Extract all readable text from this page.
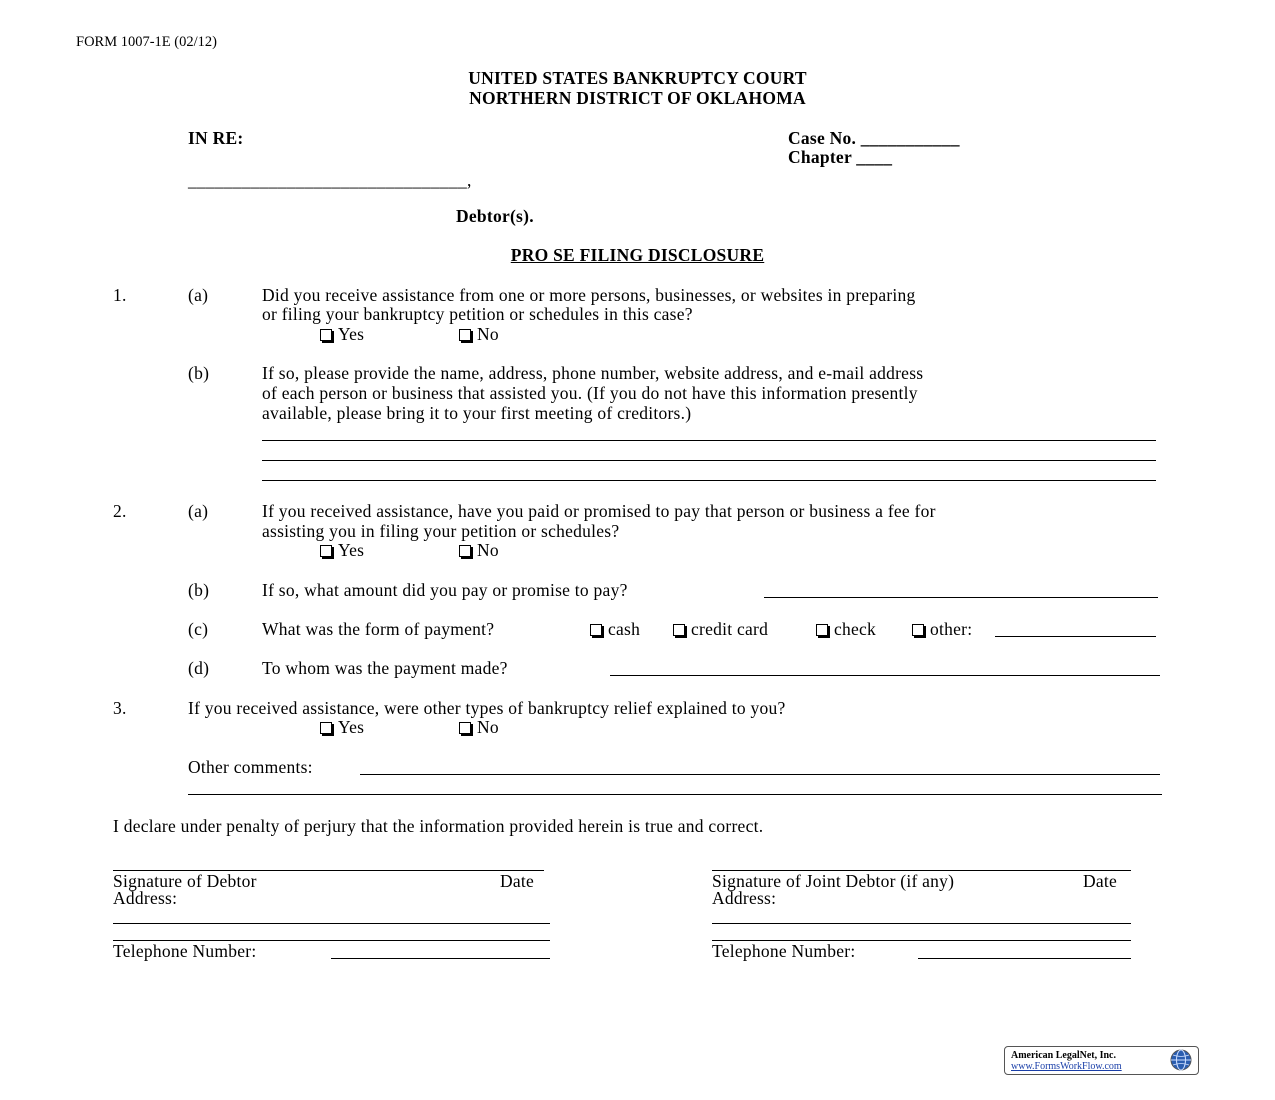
FORM 1007-1E (02/12)
UNITED STATES BANKRUPTCY COURT
NORTHERN DISTRICT OF OKLAHOMA
IN RE:	Case No. ___________
Chapter ____
_______________________________,
Debtor(s).
PRO SE FILING DISCLOSURE
1.	(a)	Did you receive assistance from one or more persons, businesses, or websites in preparing
or filing your bankruptcy petition or schedules in this case?
Yes	No
(b)	If so, please provide the name, address, phone number, website address, and e-mail address
of each person or business that assisted you. (If you do not have this information presently
available, please bring it to your first meeting of creditors.)
2.	(a)	If you received assistance, have you paid or promised to pay that person or business a fee for
assisting you in filing your petition or schedules?
Yes	No
(b)	If so, what amount did you pay or promise to pay?
(c)	What was the form of payment?	cash	credit card	check	other:
(d)	To whom was the payment made?
3.	If you received assistance, were other types of bankruptcy relief explained to you?
Yes	No
Other comments:
I declare under penalty of perjury that the information provided herein is true and correct.
Signature of Debtor	Date
Address:
Telephone Number:
Signature of Joint Debtor (if any)	Date
Address:
Telephone Number:
American LegalNet, Inc.
www.FormsWorkFlow.com
